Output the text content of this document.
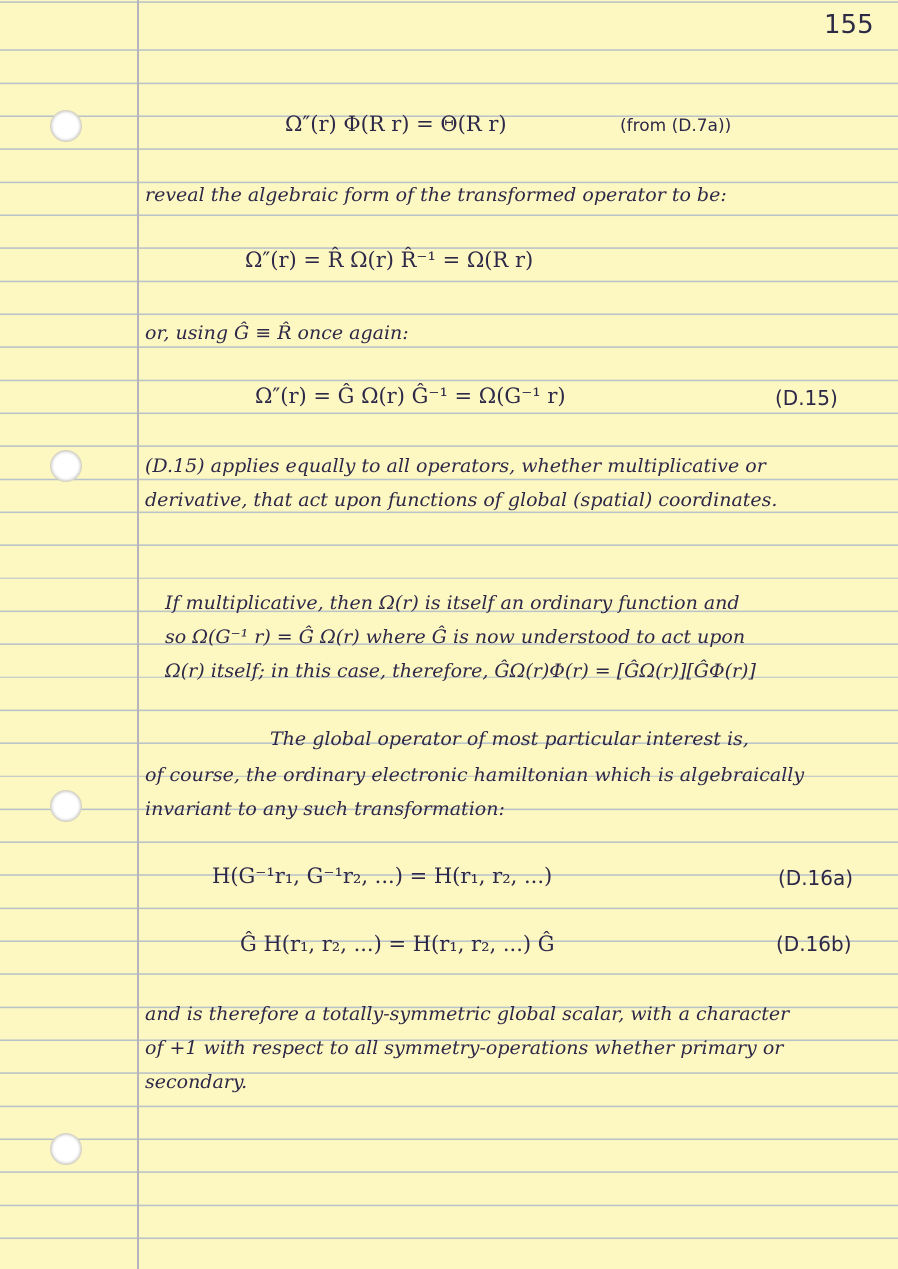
155
Ω″(r) Φ(R r) = Θ(R r)	(from (D.7a))
reveal the algebraic form of the transformed operator to be:
Ω″(r) = R̂ Ω(r) R̂⁻¹ = Ω(R r)
or, using Ĝ ≡ R̂ once again:
Ω″(r) = Ĝ Ω(r) Ĝ⁻¹ = Ω(G⁻¹ r)	(D.15)
(D.15) applies equally to all operators, whether multiplicative or
derivative, that act upon functions of global (spatial) coordinates.
If multiplicative, then Ω(r) is itself an ordinary function and
so Ω(G⁻¹ r) = Ĝ Ω(r) where Ĝ is now understood to act upon
Ω(r) itself; in this case, therefore, ĜΩ(r)Φ(r) = [ĜΩ(r)][ĜΦ(r)]
The global operator of most particular interest is,
of course, the ordinary electronic hamiltonian which is algebraically
invariant to any such transformation:
H(G⁻¹r₁, G⁻¹r₂, ...) = H(r₁, r₂, ...)	(D.16a)
Ĝ H(r₁, r₂, ...) = H(r₁, r₂, ...) Ĝ	(D.16b)
and is therefore a totally-symmetric global scalar, with a character
of +1 with respect to all symmetry-operations whether primary or
secondary.
